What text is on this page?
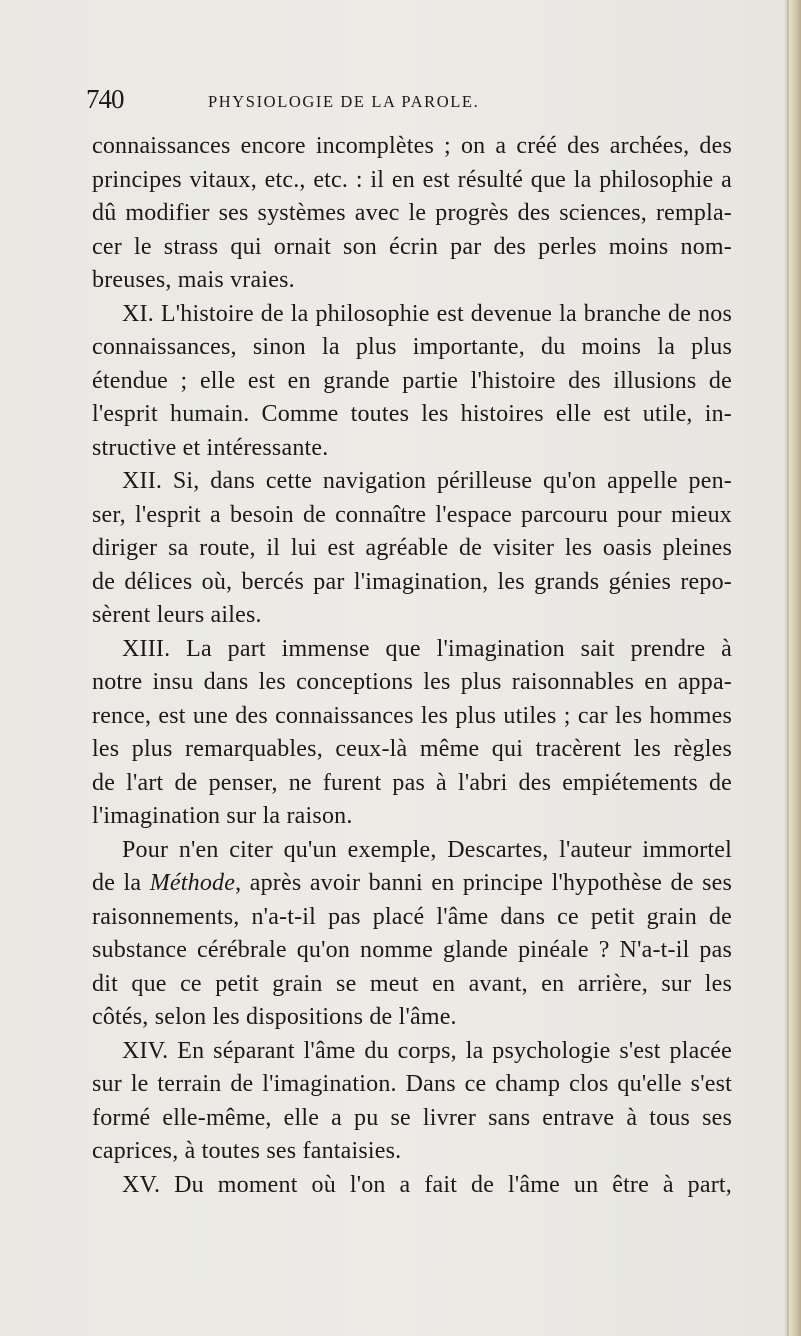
740	PHYSIOLOGIE DE LA PAROLE.
connaissances encore incomplètes ; on a créé des archées, des
principes vitaux, etc., etc. : il en est résulté que la philosophie a
dû modifier ses systèmes avec le progrès des sciences, rempla-
cer le strass qui ornait son écrin par des perles moins nom-
breuses, mais vraies.
XI. L'histoire de la philosophie est devenue la branche de nos
connaissances, sinon la plus importante, du moins la plus
étendue ; elle est en grande partie l'histoire des illusions de
l'esprit humain. Comme toutes les histoires elle est utile, in-
structive et intéressante.
XII. Si, dans cette navigation périlleuse qu'on appelle pen-
ser, l'esprit a besoin de connaître l'espace parcouru pour mieux
diriger sa route, il lui est agréable de visiter les oasis pleines
de délices où, bercés par l'imagination, les grands génies repo-
sèrent leurs ailes.
XIII. La part immense que l'imagination sait prendre à
notre insu dans les conceptions les plus raisonnables en appa-
rence, est une des connaissances les plus utiles ; car les hommes
les plus remarquables, ceux-là même qui tracèrent les règles
de l'art de penser, ne furent pas à l'abri des empiétements de
l'imagination sur la raison.
Pour n'en citer qu'un exemple, Descartes, l'auteur immortel
de la Méthode, après avoir banni en principe l'hypothèse de ses
raisonnements, n'a-t-il pas placé l'âme dans ce petit grain de
substance cérébrale qu'on nomme glande pinéale ? N'a-t-il pas
dit que ce petit grain se meut en avant, en arrière, sur les
côtés, selon les dispositions de l'âme.
XIV. En séparant l'âme du corps, la psychologie s'est placée
sur le terrain de l'imagination. Dans ce champ clos qu'elle s'est
formé elle-même, elle a pu se livrer sans entrave à tous ses
caprices, à toutes ses fantaisies.
XV. Du moment où l'on a fait de l'âme un être à part,
